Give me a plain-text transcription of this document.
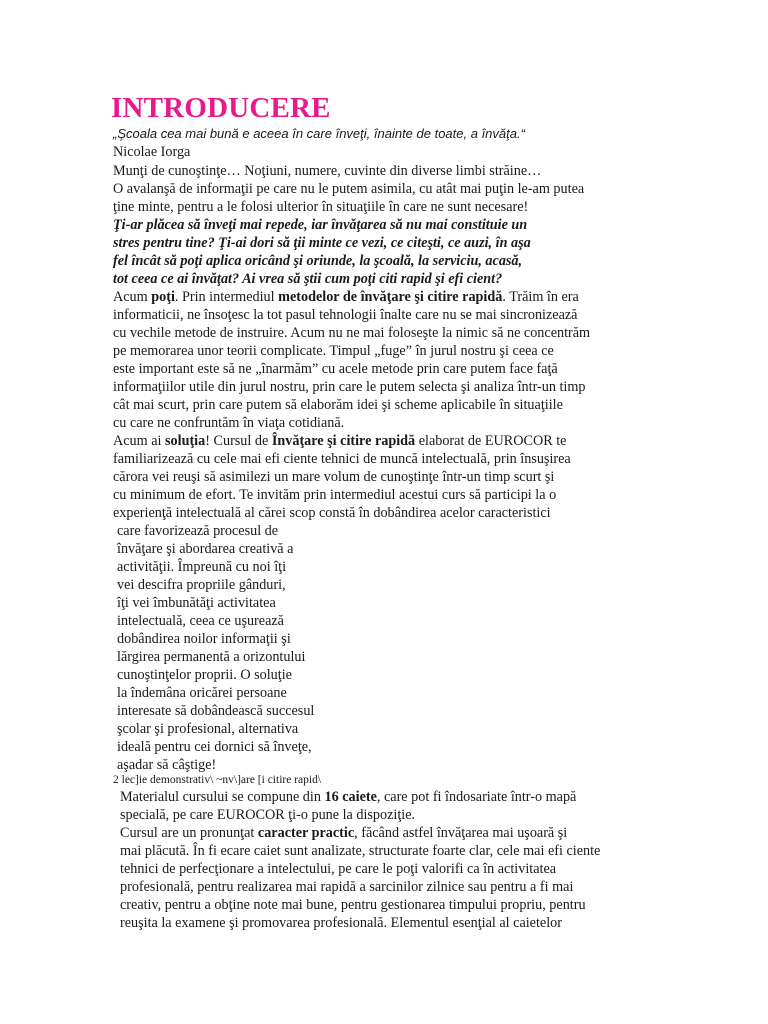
INTRODUCERE
„Şcoala cea mai bună e aceea în care înveţi, înainte de toate, a învăţa.“
Nicolae Iorga
Munţi de cunoştinţe… Noţiuni, numere, cuvinte din diverse limbi străine…
O avalanşă de informaţii pe care nu le putem asimila, cu atât mai puţin le-am putea
ţine minte, pentru a le folosi ulterior în situaţiile în care ne sunt necesare!
Ţi-ar plăcea să înveţi mai repede, iar învăţarea să nu mai constituie un
stres pentru tine? Ţi-ai dori să ţii minte ce vezi, ce citeşti, ce auzi, în aşa
fel încât să poţi aplica oricând şi oriunde, la şcoală, la serviciu, acasă,
tot ceea ce ai învăţat? Ai vrea să ştii cum poţi citi rapid şi efi cient?
Acum poţi. Prin intermediul metodelor de învăţare şi citire rapidă. Trăim în era
informaticii, ne însoţesc la tot pasul tehnologii înalte care nu se mai sincronizează
cu vechile metode de instruire. Acum nu ne mai foloseşte la nimic să ne concentrăm
pe memorarea unor teorii complicate. Timpul „fuge” în jurul nostru şi ceea ce
este important este să ne „înarmăm” cu acele metode prin care putem face faţă
informaţiilor utile din jurul nostru, prin care le putem selecta şi analiza într-un timp
cât mai scurt, prin care putem să elaborăm idei şi scheme aplicabile în situaţiile
cu care ne confruntăm în viaţa cotidiană.
Acum ai soluţia! Cursul de Învăţare şi citire rapidă elaborat de EUROCOR te
familiarizează cu cele mai efi ciente tehnici de muncă intelectuală, prin însuşirea
cărora vei reuşi să asimilezi un mare volum de cunoştinţe într-un timp scurt şi
cu minimum de efort. Te invităm prin intermediul acestui curs să participi la o
experienţă intelectuală al cărei scop constă în dobândirea acelor caracteristici
care favorizează procesul de
învăţare şi abordarea creativă a
activităţii. Împreună cu noi îţi
vei descifra propriile gânduri,
îţi vei îmbunătăţi activitatea
intelectuală, ceea ce uşurează
dobândirea noilor informaţii şi
lărgirea permanentă a orizontului
cunoştinţelor proprii. O soluţie
la îndemâna oricărei persoane
interesate să dobândească succesul
şcolar şi profesional, alternativa
ideală pentru cei dornici să înveţe,
aşadar să câştige!
2 lec]ie demonstrativ\ ~nv\]are [i citire rapid\
Materialul cursului se compune din 16 caiete, care pot fi îndosariate într-o mapă
specială, pe care EUROCOR ţi-o pune la dispoziţie.
Cursul are un pronunţat caracter practic, făcând astfel învăţarea mai uşoară şi
mai plăcută. În fi ecare caiet sunt analizate, structurate foarte clar, cele mai efi ciente
tehnici de perfecţionare a intelectului, pe care le poţi valorifi ca în activitatea
profesională, pentru realizarea mai rapidă a sarcinilor zilnice sau pentru a fi mai
creativ, pentru a obţine note mai bune, pentru gestionarea timpului propriu, pentru
reuşita la examene şi promovarea profesională. Elementul esenţial al caietelor
